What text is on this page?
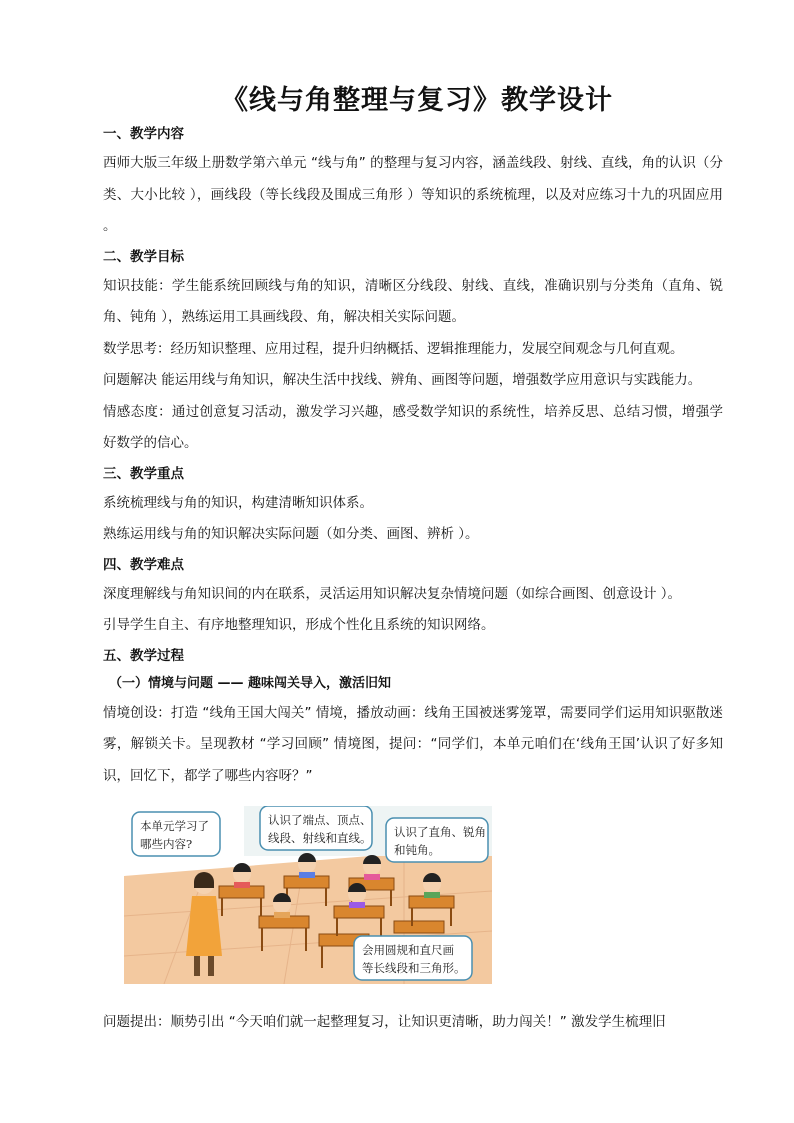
《线与角整理与复习》教学设计

一、教学内容

西师大版三年级上册数学第六单元 “线与角” 的整理与复习内容，涵盖线段、射线、直线，角的认识（分类、大小比较 ），画线段（等长线段及围成三角形 ）等知识的系统梳理，以及对应练习十九的巩固应用 。

二、教学目标

知识技能：学生能系统回顾线与角的知识，清晰区分线段、射线、直线，准确识别与分类角（直角、锐角、钝角 ），熟练运用工具画线段、角，解决相关实际问题。

数学思考：经历知识整理、应用过程，提升归纳概括、逻辑推理能力，发展空间观念与几何直观。

问题解决 能运用线与角知识，解决生活中找线、辨角、画图等问题，增强数学应用意识与实践能力。

情感态度：通过创意复习活动，激发学习兴趣，感受数学知识的系统性，培养反思、总结习惯，增强学好数学的信心。

三、教学重点

系统梳理线与角的知识，构建清晰知识体系。

熟练运用线与角的知识解决实际问题（如分类、画图、辨析 ）。

四、教学难点

深度理解线与角知识间的内在联系，灵活运用知识解决复杂情境问题（如综合画图、创意设计 ）。

引导学生自主、有序地整理知识，形成个性化且系统的知识网络。

五、教学过程

（一）情境与问题 —— 趣味闯关导入，激活旧知

情境创设：打造 “线角王国大闯关” 情境，播放动画：线角王国被迷雾笼罩，需要同学们运用知识驱散迷雾，解锁关卡。呈现教材 “学习回顾” 情境图，提问：“同学们，本单元咱们在‘线角王国’认识了好多知识，回忆下，都学了哪些内容呀？”

本单元学习了
哪些内容?
认识了端点、顶点、
线段、射线和直线。 认识了直角、锐角
和钝角。
会用圆规和直尺画
等长线段和三角形。

问题提出：顺势引出 “今天咱们就一起整理复习，让知识更清晰，助力闯关！” 激发学生梳理旧
